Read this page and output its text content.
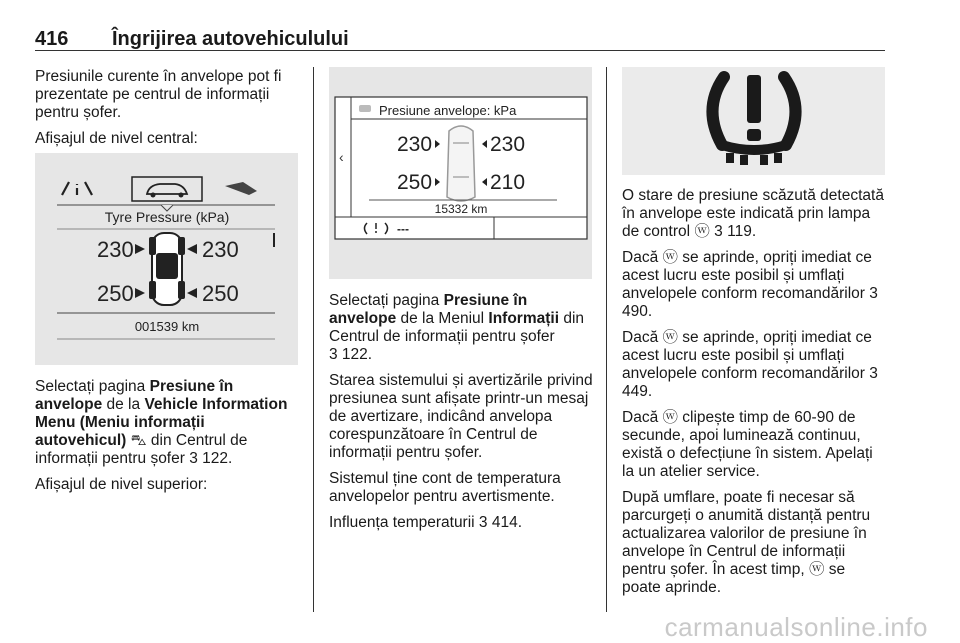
416 Îngrijirea autovehiculului

Presiunile curente în anvelope pot fi prezentate pe centrul de informații pentru șofer.

Afișajul de nivel central:

Tyre Pressure (kPa)
230	230
250	250
001539 km

Selectați pagina Presiune în anvelope de la Vehicle Information Menu (Meniu informații autovehicul) ⛍ din Centrul de informații pentru șofer 3 122.

Afișajul de nivel superior:

‹
Presiune anvelope: kPa
230	230
250	210
15332 km
---

Selectați pagina Presiune în anvelope de la Meniul Informații din Centrul de informații pentru șofer
3 122.

Starea sistemului și avertizările privind presiunea sunt afișate printr-un mesaj de avertizare, indicând anvelopa corespunzătoare în Centrul de informații pentru șofer.

Sistemul ține cont de temperatura anvelopelor pentru avertismente.

Influența temperaturii 3 414.

O stare de presiune scăzută detectată în anvelope este indicată prin lampa de control ⓦ 3 119.

Dacă ⓦ se aprinde, opriți imediat ce acest lucru este posibil și umflați anvelopele conform recomandărilor 3 490.

Dacă ⓦ se aprinde, opriți imediat ce acest lucru este posibil și umflați anvelopele conform recomandărilor 3 449.

Dacă ⓦ clipește timp de 60-90 de secunde, apoi luminează continuu, există o defecțiune în sistem. Apelați la un atelier service.

După umflare, poate fi necesar să parcurgeți o anumită distanță pentru actualizarea valorilor de presiune în anvelope în Centrul de informații pentru șofer. În acest timp, ⓦ se poate aprinde.

carmanualsonline.info
